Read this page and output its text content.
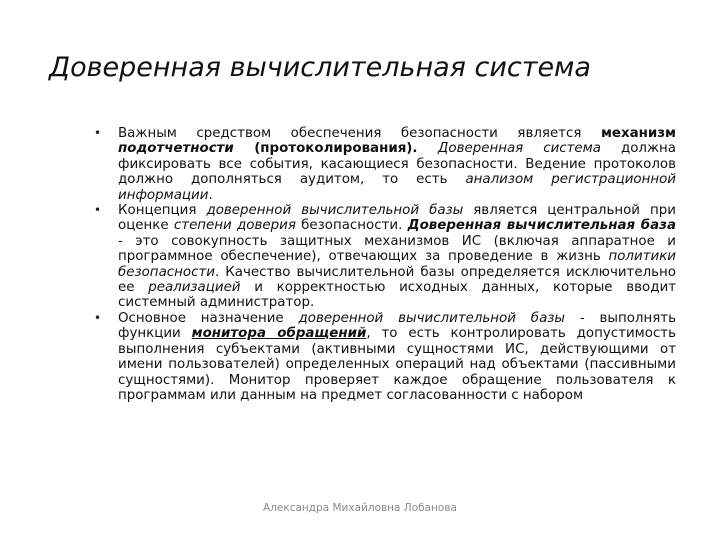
Доверенная вычислительная система
• Важным средством обеспечения безопасности является механизм подотчетности (протоколирования). Доверенная система должна фиксировать все события, касающиеся безопасности. Ведение протоколов должно дополняться аудитом, то есть анализом регистрационной информации.
• Концепция доверенной вычислительной базы является центральной при оценке степени доверия безопасности. Доверенная вычислительная база - это совокупность защитных механизмов ИС (включая аппаратное и программное обеспечение), отвечающих за проведение в жизнь политики безопасности. Качество вычислительной базы определяется исключительно ее реализацией и корректностью исходных данных, которые вводит системный администратор.
• Основное назначение доверенной вычислительной базы - выполнять функции монитора обращений, то есть контролировать допустимость выполнения субъектами (активными сущностями ИС, действующими от имени пользователей) определенных операций над объектами (пассивными сущностями). Монитор проверяет каждое обращение пользователя к программам или данным на предмет согласованности с набором
Александра Михайловна Лобанова
